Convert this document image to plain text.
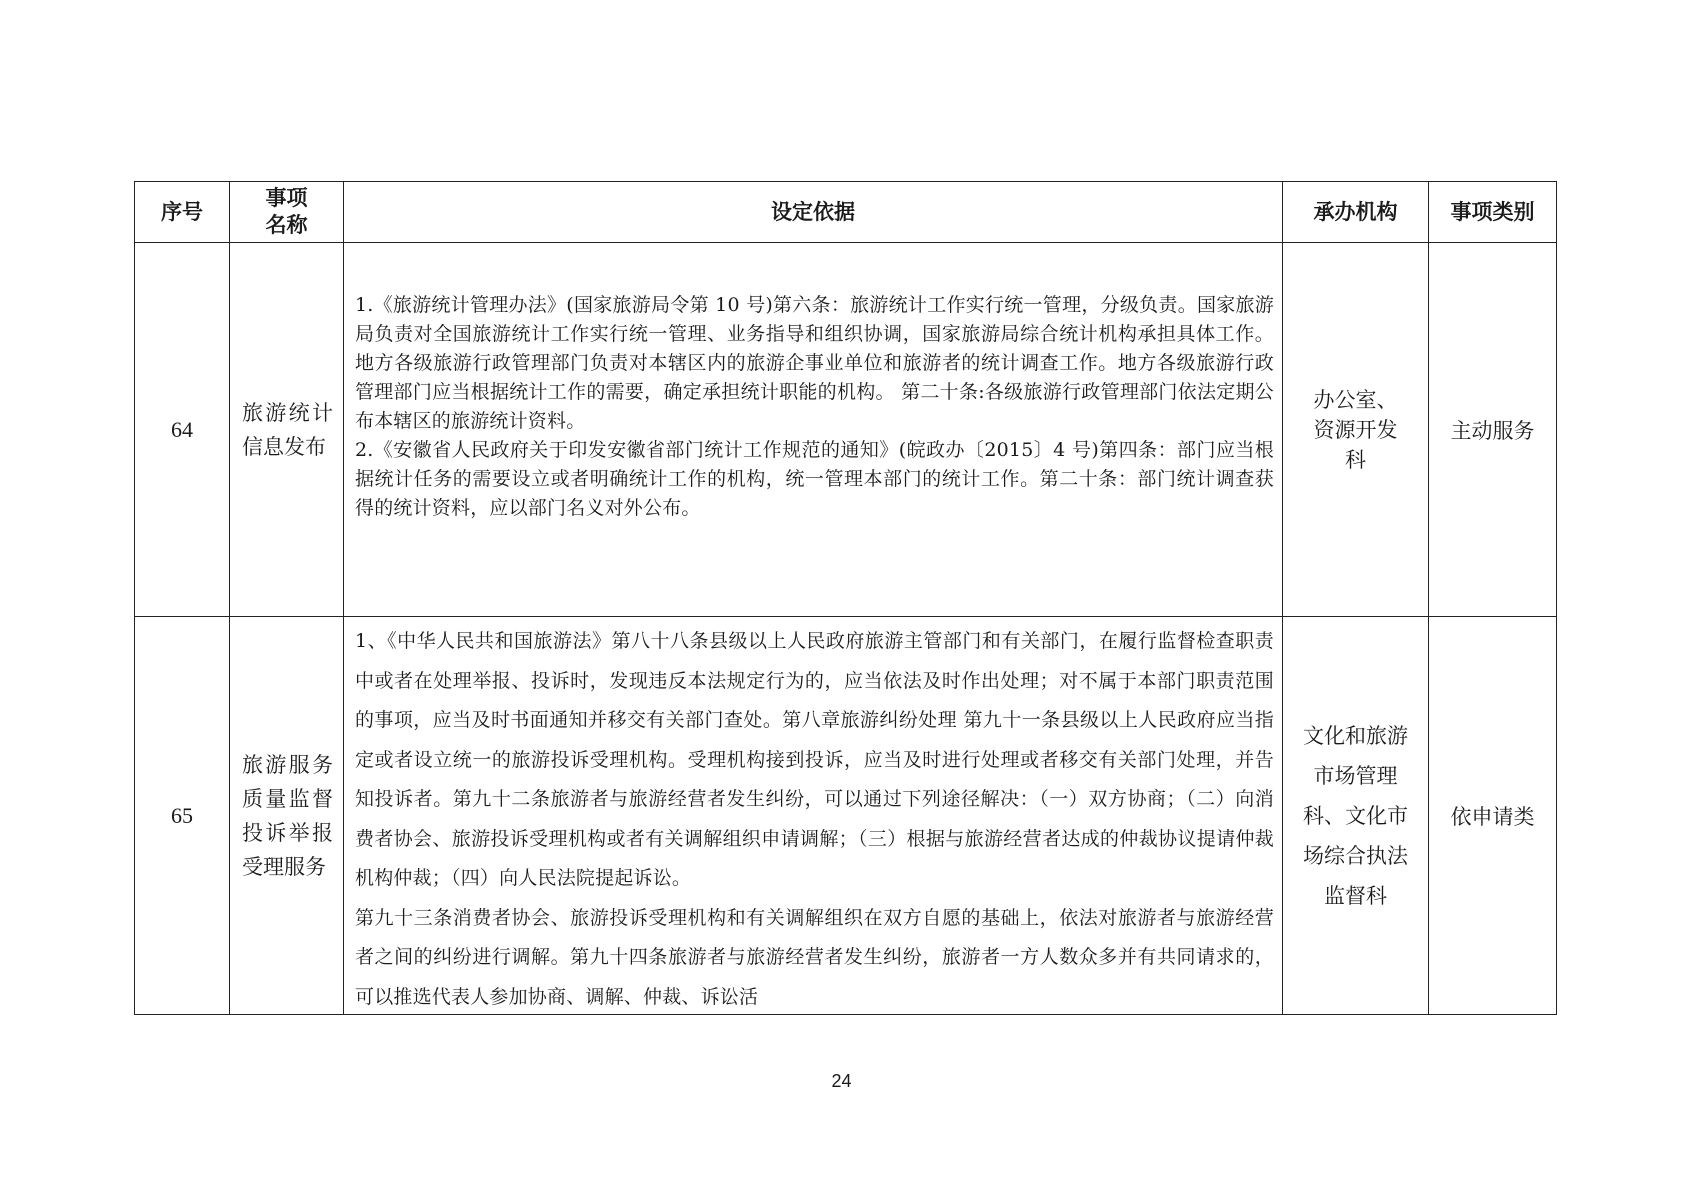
序号	事项名称	设定依据	承办机构	事项类别
64	旅游统计信息发布	1.《旅游统计管理办法》(国家旅游局令第 10 号)第六条：旅游统计工作实行统一管理，分级负责。国家旅游局负责对全国旅游统计工作实行统一管理、业务指导和组织协调，国家旅游局综合统计机构承担具体工作。地方各级旅游行政管理部门负责对本辖区内的旅游企事业单位和旅游者的统计调查工作。地方各级旅游行政管理部门应当根据统计工作的需要，确定承担统计职能的机构。 第二十条:各级旅游行政管理部门依法定期公布本辖区的旅游统计资料。

2.《安徽省人民政府关于印发安徽省部门统计工作规范的通知》(皖政办〔2015〕4 号)第四条：部门应当根据统计任务的需要设立或者明确统计工作的机构，统一管理本部门的统计工作。第二十条：部门统计调查获得的统计资料，应以部门名义对外公布。	办公室、资源开发科	主动服务
65	旅游服务质量监督投诉举报受理服务	1、《中华人民共和国旅游法》第八十八条县级以上人民政府旅游主管部门和有关部门，在履行监督检查职责中或者在处理举报、投诉时，发现违反本法规定行为的，应当依法及时作出处理；对不属于本部门职责范围的事项，应当及时书面通知并移交有关部门查处。第八章旅游纠纷处理 第九十一条县级以上人民政府应当指定或者设立统一的旅游投诉受理机构。受理机构接到投诉，应当及时进行处理或者移交有关部门处理，并告知投诉者。第九十二条旅游者与旅游经营者发生纠纷，可以通过下列途径解决：（一）双方协商；（二）向消费者协会、旅游投诉受理机构或者有关调解组织申请调解；（三）根据与旅游经营者达成的仲裁协议提请仲裁机构仲裁；（四）向人民法院提起诉讼。

第九十三条消费者协会、旅游投诉受理机构和有关调解组织在双方自愿的基础上，依法对旅游者与旅游经营者之间的纠纷进行调解。第九十四条旅游者与旅游经营者发生纠纷，旅游者一方人数众多并有共同请求的，可以推选代表人参加协商、调解、仲裁、诉讼活	文化和旅游市场管理科、文化市场综合执法监督科	依申请类
24
